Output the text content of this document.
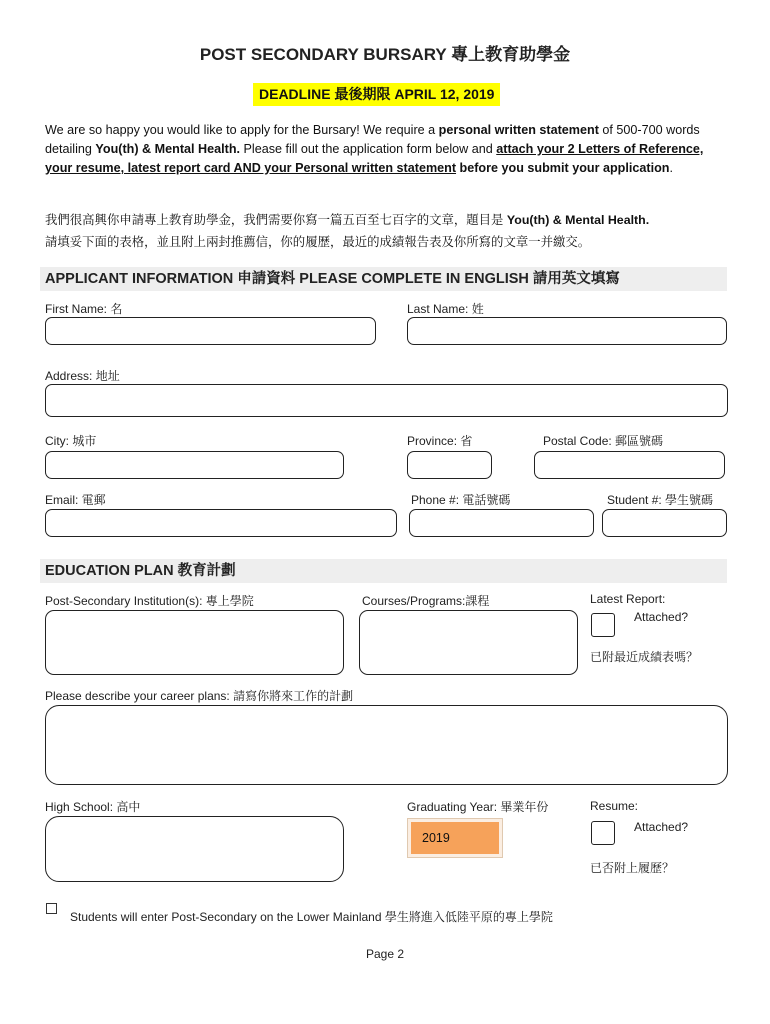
POST SECONDARY BURSARY 專上教育助學金
DEADLINE 最後期限 APRIL 12, 2019
We are so happy you would like to apply for the Bursary! We require a personal written statement of 500-700 words detailing You(th) & Mental Health. Please fill out the application form below and attach your 2 Letters of Reference, your resume, latest report card AND your Personal written statement before you submit your application.
我們很高興你申請專上教育助學金，我們需要你寫一篇五百至七百字的文章，題目是 You(th) & Mental Health.
請填妥下面的表格，並且附上兩封推薦信，你的履歷，最近的成績報告表及你所寫的文章一并繳交。
APPLICANT INFORMATION 申請資料 PLEASE COMPLETE IN ENGLISH 請用英文填寫
First Name: 名	Last Name: 姓
Address: 地址
City: 城市	Province: 省	Postal Code: 郵區號碼
Email: 電郵	Phone #: 電話號碼	Student #: 學生號碼
EDUCATION PLAN 教育計劃
Post-Secondary Institution(s): 專上學院	Courses/Programs:課程	Latest Report:
Attached?
已附最近成績表嗎？
Please describe your career plans: 請寫你將來工作的計劃
High School: 高中	Graduating Year: 畢業年份
2019
Resume:
Attached?
已否附上履歷？
Students will enter Post-Secondary on the Lower Mainland 學生將進入低陸平原的專上學院
Page 2
